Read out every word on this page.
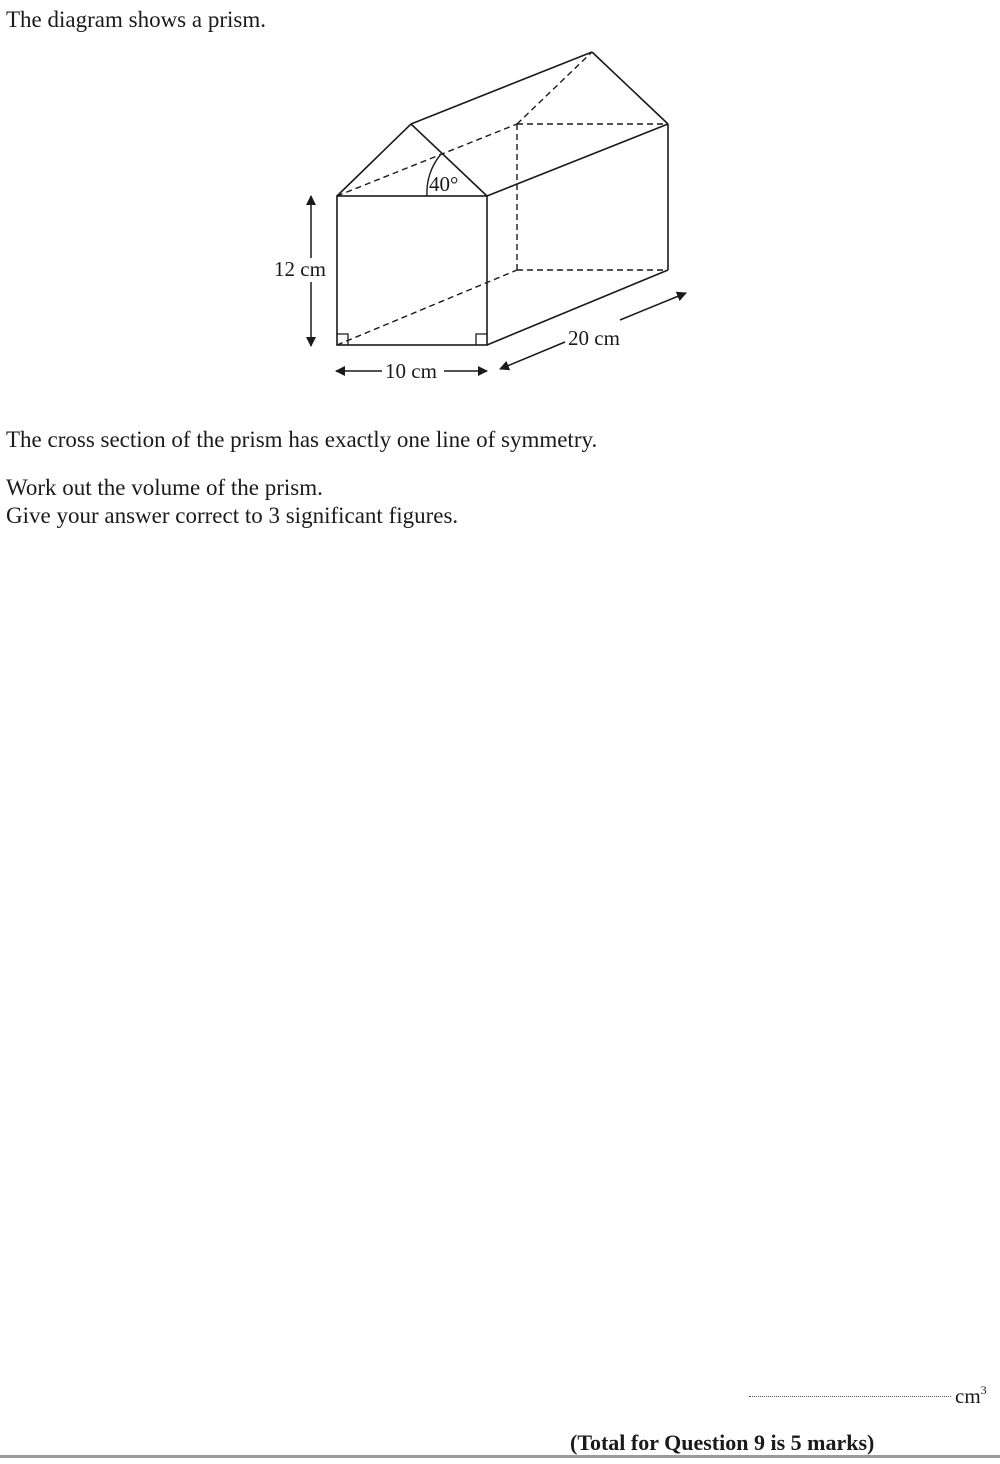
The diagram shows a prism.
40°
12 cm
10 cm
20 cm
The cross section of the prism has exactly one line of symmetry.
Work out the volume of the prism.
Give your answer correct to 3 significant figures.
$cm^3$
(Total for Question 9 is 5 marks)
